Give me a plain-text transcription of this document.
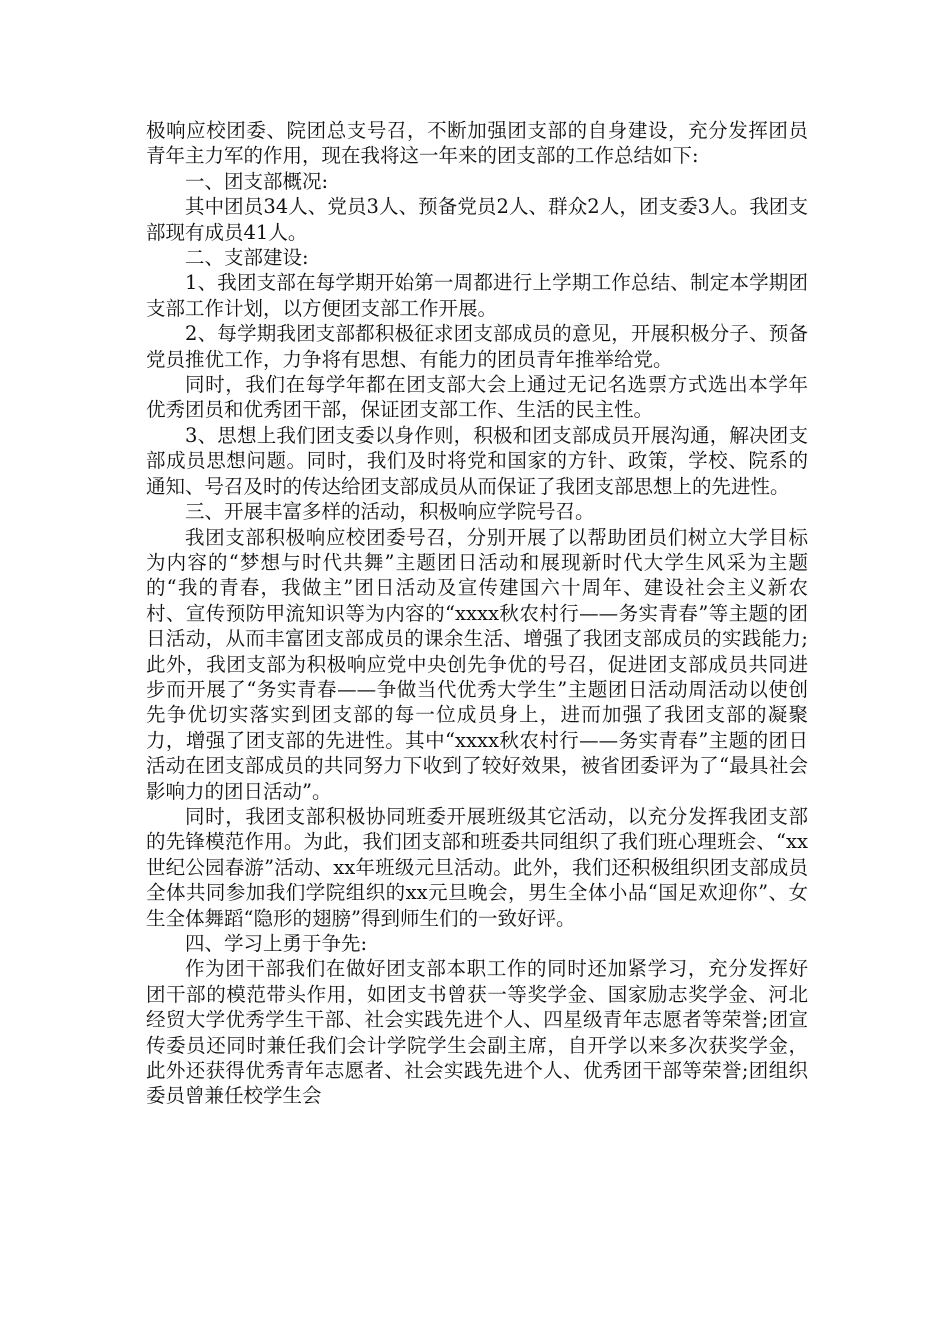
极响应校团委、院团总支号召，不断加强团支部的自身建设，充分发挥团员青年主力军的作用，现在我将这一年来的团支部的工作总结如下:

一、团支部概况:

其中团员34人、党员3人、预备党员2人、群众2人，团支委3人。我团支部现有成员41人。

二、支部建设:

1、我团支部在每学期开始第一周都进行上学期工作总结、制定本学期团支部工作计划，以方便团支部工作开展。

2、每学期我团支部都积极征求团支部成员的意见，开展积极分子、预备党员推优工作，力争将有思想、有能力的团员青年推举给党。

同时，我们在每学年都在团支部大会上通过无记名选票方式选出本学年优秀团员和优秀团干部，保证团支部工作、生活的民主性。

3、思想上我们团支委以身作则，积极和团支部成员开展沟通，解决团支部成员思想问题。同时，我们及时将党和国家的方针、政策，学校、院系的通知、号召及时的传达给团支部成员从而保证了我团支部思想上的先进性。

三、开展丰富多样的活动，积极响应学院号召。

我团支部积极响应校团委号召，分别开展了以帮助团员们树立大学目标为内容的“梦想与时代共舞”主题团日活动和展现新时代大学生风采为主题的“我的青春，我做主”团日活动及宣传建国六十周年、建设社会主义新农村、宣传预防甲流知识等为内容的“xxxx秋农村行——务实青春”等主题的团日活动，从而丰富团支部成员的课余生活、增强了我团支部成员的实践能力;此外，我团支部为积极响应党中央创先争优的号召，促进团支部成员共同进步而开展了“务实青春——争做当代优秀大学生”主题团日活动周活动以使创先争优切实落实到团支部的每一位成员身上，进而加强了我团支部的凝聚力，增强了团支部的先进性。其中“xxxx秋农村行——务实青春”主题的团日活动在团支部成员的共同努力下收到了较好效果，被省团委评为了“最具社会影响力的团日活动”。

同时，我团支部积极协同班委开展班级其它活动，以充分发挥我团支部的先锋模范作用。为此，我们团支部和班委共同组织了我们班心理班会、“xx世纪公园春游”活动、xx年班级元旦活动。此外，我们还积极组织团支部成员全体共同参加我们学院组织的xx元旦晚会，男生全体小品“国足欢迎你”、女生全体舞蹈“隐形的翅膀”得到师生们的一致好评。

四、学习上勇于争先:

作为团干部我们在做好团支部本职工作的同时还加紧学习，充分发挥好团干部的模范带头作用，如团支书曾获一等奖学金、国家励志奖学金、河北经贸大学优秀学生干部、社会实践先进个人、四星级青年志愿者等荣誉;团宣传委员还同时兼任我们会计学院学生会副主席，自开学以来多次获奖学金，此外还获得优秀青年志愿者、社会实践先进个人、优秀团干部等荣誉;团组织委员曾兼任校学生会
